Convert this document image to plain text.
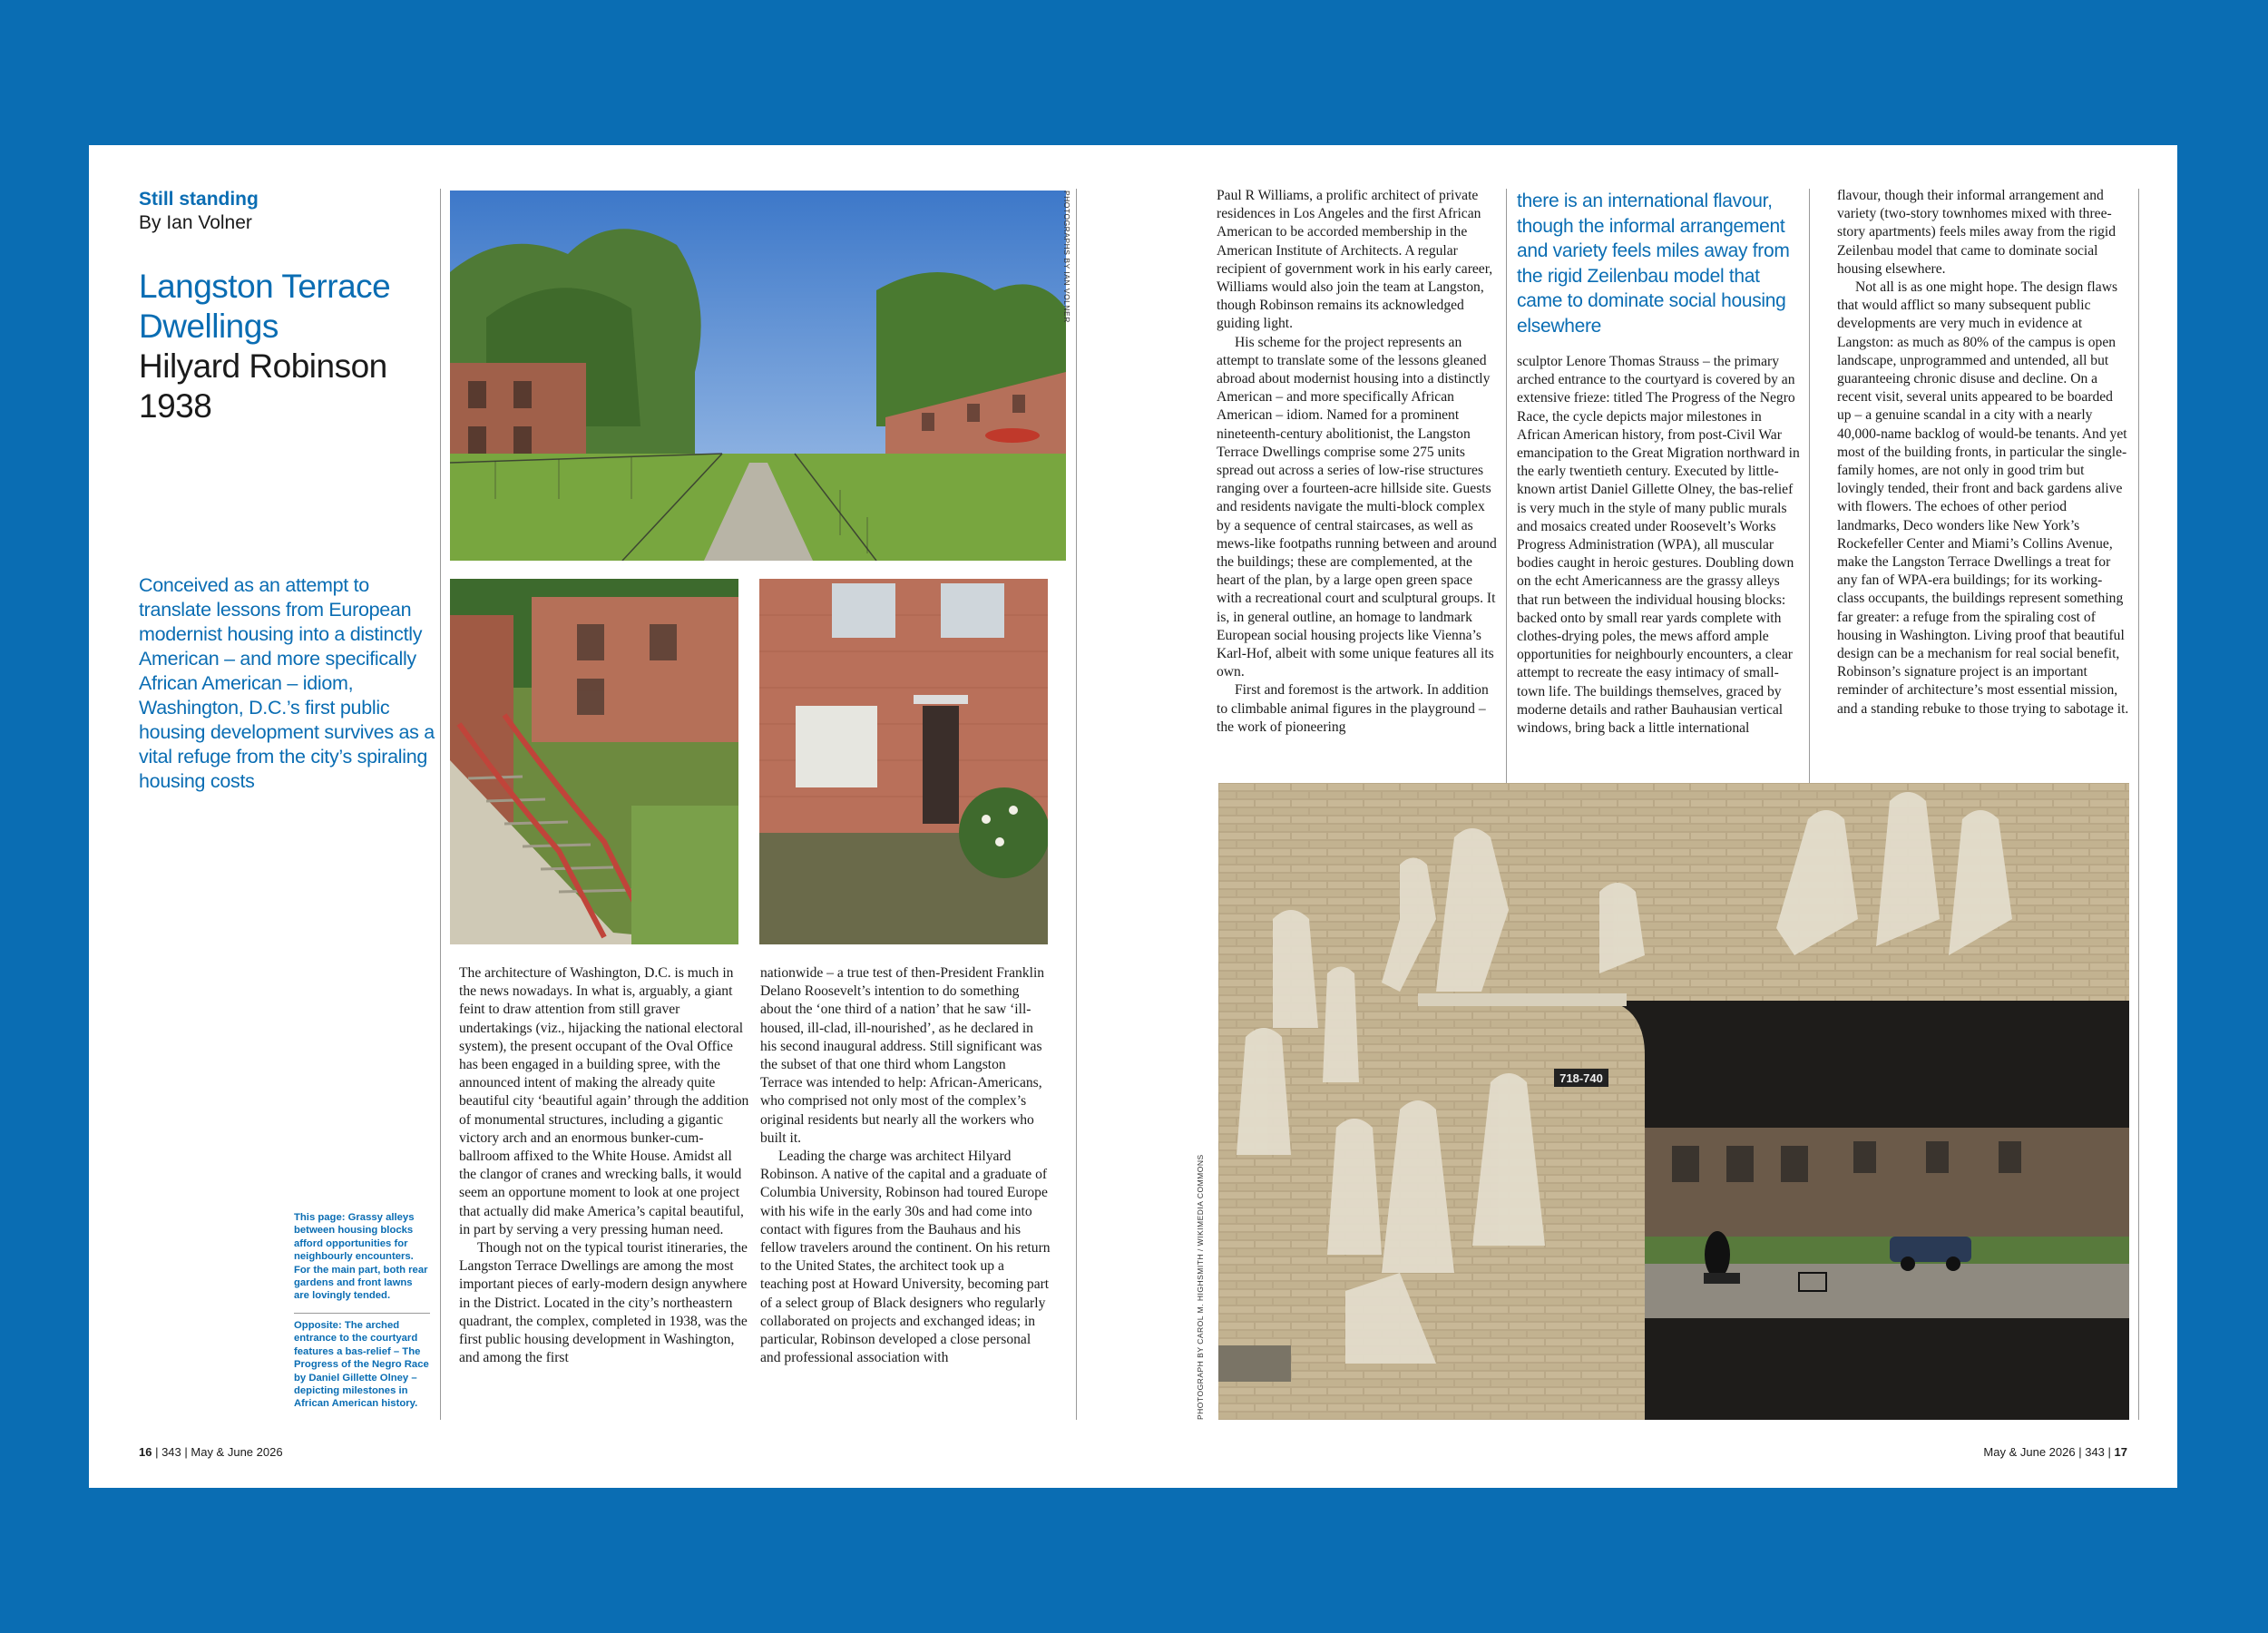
Still standing
By Ian Volner
Langston Terrace
Dwellings
Hilyard Robinson
1938
Conceived as an attempt to translate lessons from European modernist housing into a distinctly American – and more specifically African American – idiom, Washington, D.C.’s first public housing development survives as a vital refuge from the city’s spiraling housing costs
This page: Grassy alleys between housing blocks afford opportunities for neighbourly encounters. For the main part, both rear gardens and front lawns are lovingly tended.
Opposite: The arched entrance to the courtyard features a bas-relief – The Progress of the Negro Race by Daniel Gillette Olney – depicting milestones in African American history.
PHOTOGRAPHS BY IAN VOLNER

The architecture of Washington, D.C. is much in the news nowadays. In what is, arguably, a giant feint to draw attention from still graver undertakings (viz., hijacking the national electoral system), the present occupant of the Oval Office has been engaged in a building spree, with the announced intent of making the already quite beautiful city ‘beautiful again’ through the addition of monumental structures, including a gigantic victory arch and an enormous bunker-cum-ballroom affixed to the White House. Amidst all the clangor of cranes and wrecking balls, it would seem an opportune moment to look at one project that actually did make America’s capital beautiful, in part by serving a very pressing human need.

Though not on the typical tourist itineraries, the Langston Terrace Dwellings are among the most important pieces of early-modern design anywhere in the District. Located in the city’s northeastern quadrant, the complex, completed in 1938, was the first public housing development in Washington, and among the first

nationwide – a true test of then-President Franklin Delano Roosevelt’s intention to do something about the ‘one third of a nation’ that he saw ‘ill-housed, ill-clad, ill-nourished’, as he declared in his second inaugural address. Still significant was the subset of that one third whom Langston Terrace was intended to help: African-Americans, who comprised not only most of the complex’s original residents but nearly all the workers who built it.

Leading the charge was architect Hilyard Robinson. A native of the capital and a graduate of Columbia University, Robinson had toured Europe with his wife in the early 30s and had come into contact with figures from the Bauhaus and his fellow travelers around the continent. On his return to the United States, the architect took up a teaching post at Howard University, becoming part of a select group of Black designers who regularly collaborated on projects and exchanged ideas; in particular, Robinson developed a close personal and professional association with

Paul R Williams, a prolific architect of private residences in Los Angeles and the first African American to be accorded membership in the American Institute of Architects. A regular recipient of government work in his early career, Williams would also join the team at Langston, though Robinson remains its acknowledged guiding light.

His scheme for the project represents an attempt to translate some of the lessons gleaned abroad about modernist housing into a distinctly American – and more specifically African American – idiom. Named for a prominent nineteenth-century abolitionist, the Langston Terrace Dwellings comprise some 275 units spread out across a series of low-rise structures ranging over a fourteen-acre hillside site. Guests and residents navigate the multi-block complex by a sequence of central staircases, as well as mews-like footpaths running between and around the buildings; these are complemented, at the heart of the plan, by a large open green space with a recreational court and sculptural groups. It is, in general outline, an homage to landmark European social housing projects like Vienna’s Karl-Hof, albeit with some unique features all its own.

First and foremost is the artwork. In addition to climbable animal figures in the playground – the work of pioneering

there is an international flavour, though the informal arrangement and variety feels miles away from the rigid Zeilenbau model that came to dominate social housing elsewhere

sculptor Lenore Thomas Strauss – the primary arched entrance to the courtyard is covered by an extensive frieze: titled The Progress of the Negro Race, the cycle depicts major milestones in African American history, from post-Civil War emancipation to the Great Migration northward in the early twentieth century. Executed by little-known artist Daniel Gillette Olney, the bas-relief is very much in the style of many public murals and mosaics created under Roosevelt’s Works Progress Administration (WPA), all muscular bodies caught in heroic gestures. Doubling down on the echt Americanness are the grassy alleys that run between the individual housing blocks: backed onto by small rear yards complete with clothes-drying poles, the mews afford ample opportunities for neighbourly encounters, a clear attempt to recreate the easy intimacy of small-town life. The buildings themselves, graced by moderne details and rather Bauhausian vertical windows, bring back a little international

flavour, though their informal arrangement and variety (two-story townhomes mixed with three-story apartments) feels miles away from the rigid Zeilenbau model that came to dominate social housing elsewhere.

Not all is as one might hope. The design flaws that would afflict so many subsequent public developments are very much in evidence at Langston: as much as 80% of the campus is open landscape, unprogrammed and untended, all but guaranteeing chronic disuse and decline. On a recent visit, several units appeared to be boarded up – a genuine scandal in a city with a nearly 40,000-name backlog of would-be tenants. And yet most of the building fronts, in particular the single-family homes, are not only in good trim but lovingly tended, their front and back gardens alive with flowers. The echoes of other period landmarks, Deco wonders like New York’s Rockefeller Center and Miami’s Collins Avenue, make the Langston Terrace Dwellings a treat for any fan of WPA-era buildings; for its working-class occupants, the buildings represent something far greater: a refuge from the spiraling cost of housing in Washington. Living proof that beautiful design can be a mechanism for real social benefit, Robinson’s signature project is an important reminder of architecture’s most essential mission, and a standing rebuke to those trying to sabotage it.

718-740
PHOTOGRAPH BY CAROL M. HIGHSMITH / WIKIMEDIA COMMONS
16 | 343 | May & June 2026	May & June 2026 | 343 | 17
